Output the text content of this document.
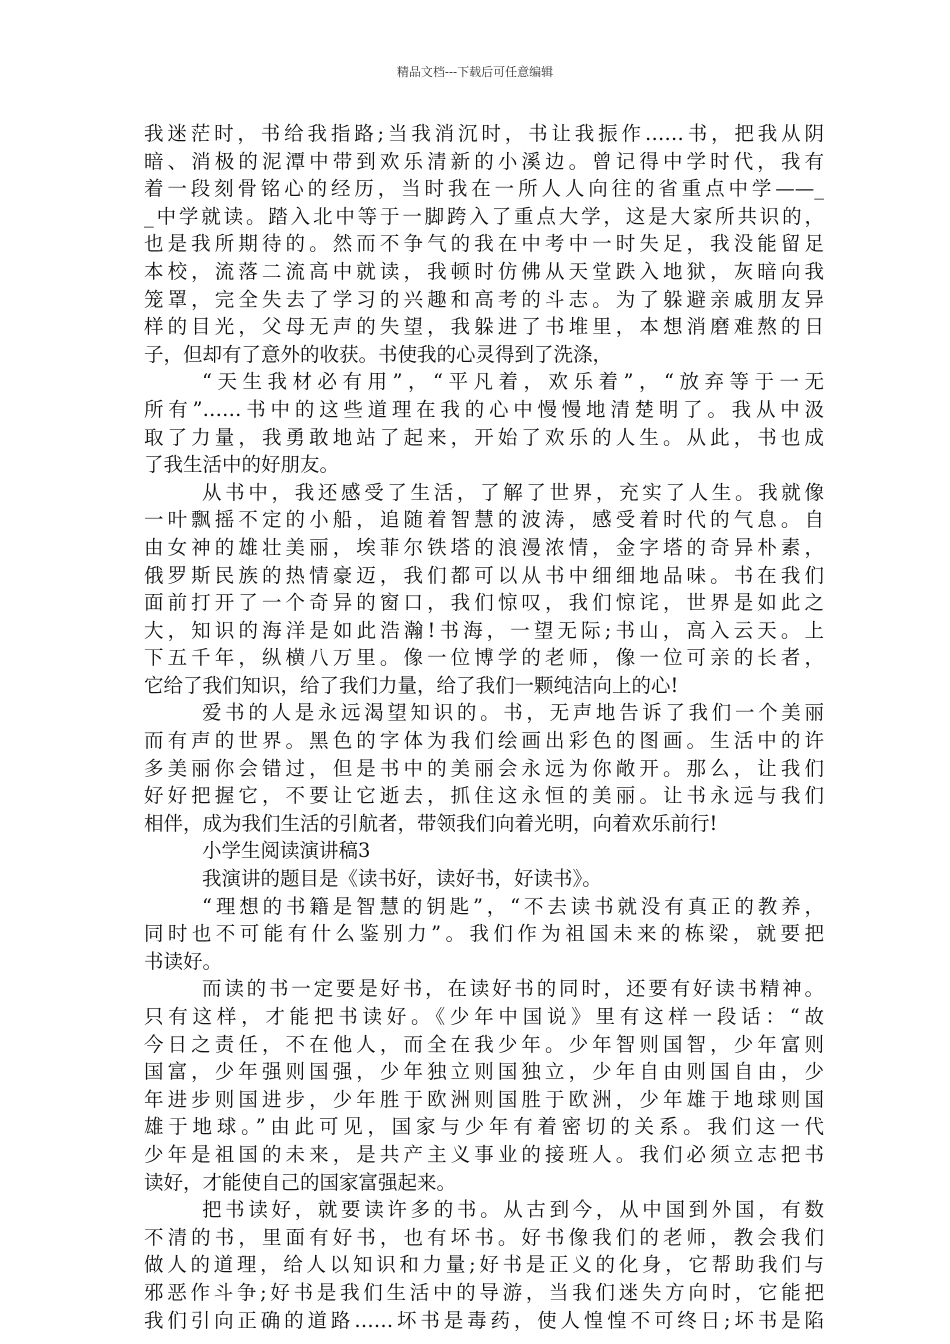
精品文档---下载后可任意编辑
我迷茫时，书给我指路;当我消沉时，书让我振作……书，把我从阴
暗、消极的泥潭中带到欢乐清新的小溪边。曾记得中学时代，我有
着一段刻骨铭心的经历，当时我在一所人人向往的省重点中学——_
_中学就读。踏入北中等于一脚跨入了重点大学，这是大家所共识的，
也是我所期待的。然而不争气的我在中考中一时失足，我没能留足
本校，流落二流高中就读，我顿时仿佛从天堂跌入地狱，灰暗向我
笼罩，完全失去了学习的兴趣和高考的斗志。为了躲避亲戚朋友异
样的目光，父母无声的失望，我躲进了书堆里，本想消磨难熬的日
子，但却有了意外的收获。书使我的心灵得到了洗涤，
“天生我材必有用”，“平凡着，欢乐着”，“放弃等于一无
所有”……书中的这些道理在我的心中慢慢地清楚明了。我从中汲
取了力量，我勇敢地站了起来，开始了欢乐的人生。从此，书也成
了我生活中的好朋友。
从书中，我还感受了生活，了解了世界，充实了人生。我就像
一叶飘摇不定的小船，追随着智慧的波涛，感受着时代的气息。自
由女神的雄壮美丽，埃菲尔铁塔的浪漫浓情，金字塔的奇异朴素，
俄罗斯民族的热情豪迈，我们都可以从书中细细地品味。书在我们
面前打开了一个奇异的窗口，我们惊叹，我们惊诧，世界是如此之
大，知识的海洋是如此浩瀚!书海，一望无际;书山，高入云天。上
下五千年，纵横八万里。像一位博学的老师，像一位可亲的长者，
它给了我们知识，给了我们力量，给了我们一颗纯洁向上的心!
爱书的人是永远渴望知识的。书，无声地告诉了我们一个美丽
而有声的世界。黑色的字体为我们绘画出彩色的图画。生活中的许
多美丽你会错过，但是书中的美丽会永远为你敞开。那么，让我们
好好把握它，不要让它逝去，抓住这永恒的美丽。让书永远与我们
相伴，成为我们生活的引航者，带领我们向着光明，向着欢乐前行!
小学生阅读演讲稿3
我演讲的题目是《读书好，读好书，好读书》。
“理想的书籍是智慧的钥匙”，“不去读书就没有真正的教养，
同时也不可能有什么鉴别力”。我们作为祖国未来的栋梁，就要把
书读好。
而读的书一定要是好书，在读好书的同时，还要有好读书精神。
只有这样，才能把书读好。《少年中国说》里有这样一段话：“故
今日之责任，不在他人，而全在我少年。少年智则国智，少年富则
国富，少年强则国强，少年独立则国独立，少年自由则国自由，少
年进步则国进步，少年胜于欧洲则国胜于欧洲，少年雄于地球则国
雄于地球。”由此可见，国家与少年有着密切的关系。我们这一代
少年是祖国的未来，是共产主义事业的接班人。我们必须立志把书
读好，才能使自己的国家富强起来。
把书读好，就要读许多的书。从古到今，从中国到外国，有数
不清的书，里面有好书，也有坏书。好书像我们的老师，教会我们
做人的道理，给人以知识和力量;好书是正义的化身，它帮助我们与
邪恶作斗争;好书是我们生活中的导游，当我们迷失方向时，它能把
我们引向正确的道路……坏书是毒药，使人惶惶不可终日;坏书是陷
